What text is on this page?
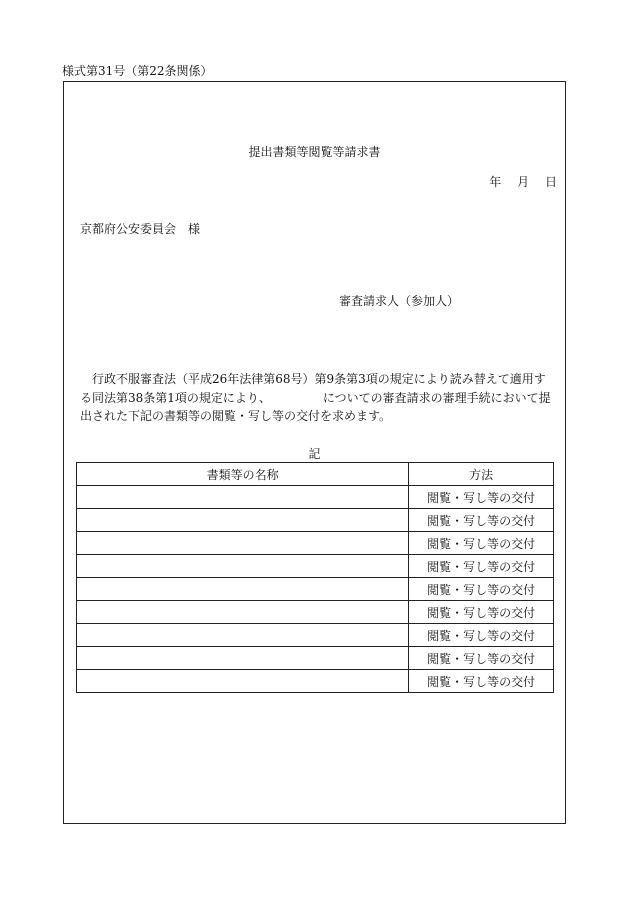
様式第31号（第22条関係）
提出書類等閲覧等請求書
年 月 日
京都府公安委員会　様
審査請求人（参加人）
行政不服審査法（平成26年法律第68号）第9条第3項の規定により読み替えて適用する同法第38条第1項の規定により、	についての審査請求の審理手続において提出された下記の書類等の閲覧・写し等の交付を求めます。
記
書類等の名称	方法
	閲覧・写し等の交付
	閲覧・写し等の交付
	閲覧・写し等の交付
	閲覧・写し等の交付
	閲覧・写し等の交付
	閲覧・写し等の交付
	閲覧・写し等の交付
	閲覧・写し等の交付
	閲覧・写し等の交付
